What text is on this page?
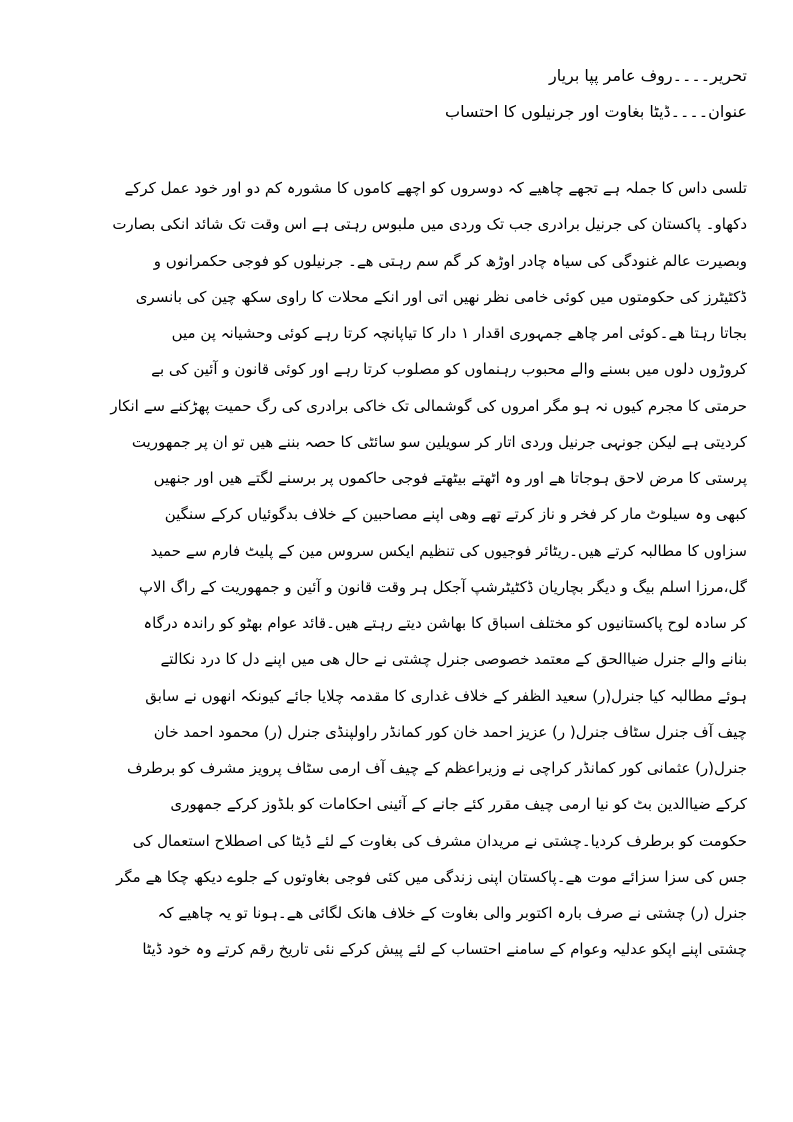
تحریر۔۔۔۔روف عامر پپا بریار
عنوان۔۔۔۔ڈیٹا بغاوت اور جرنیلوں کا احتساب
تلسی داس کا جملہ ہے تجھے چاھیے کہ دوسروں کو اچھے کاموں کا مشورہ کم دو اور خود عمل کرکے
دکھاو۔ پاکستان کی جرنیل برادری جب تک وردی میں ملبوس رہتی ہے اس وقت تک شائد انکی بصارت
وبصیرت عالم غنودگی کی سیاہ چادر اوڑھ کر گم سم رہتی ھے۔ جرنیلوں کو فوجی حکمرانوں و
ڈکٹیٹرز کی حکومتوں میں کوئی خامی نظر نھیں اتی اور انکے محلات کا راوی سکھ چین کی بانسری
بجاتا رہتا ھے۔کوئی امر چاھے جمہوری اقدار ١ دار کا تیاپانچہ کرتا رہے کوئی وحشیانہ پن میں
کروڑوں دلوں میں بسنے والے محبوب رہنماوں کو مصلوب کرتا رہے اور کوئی قانون و آئین کی بے
حرمتی کا مجرم کیوں نہ ہو مگر امروں کی گوشمالی تک خاکی برادری کی رگ حمیت پھڑکنے سے انکار
کردیتی ہے لیکن جونہی جرنیل وردی اتار کر سویلین سو سائٹی کا حصہ بننے ھیں تو ان پر جمھوریت
پرستی کا مرض لاحق ہوجاتا ھے اور وہ اٹھتے بیٹھتے فوجی حاکموں پر برسنے لگتے ھیں اور جنھیں
کبھی وہ سیلوٹ مار کر فخر و ناز کرتے تھے وھی اپنے مصاحبین کے خلاف بدگوئیاں کرکے سنگین
سزاوں کا مطالبہ کرتے ھیں۔ریٹائر فوجیوں کی تنظیم ایکس سروس مین کے پلیٹ فارم سے حمید
گل،مرزا اسلم بیگ و دیگر بچاریان ڈکٹیٹرشپ آجکل ہر وقت قانون و آئین و جمھوریت کے راگ الاپ
کر سادہ لوح پاکستانیوں کو مختلف اسباق کا بھاشن دیتے رہتے ھیں۔قائد عوام بھٹو کو راندہ درگاہ
بنانے والے جنرل ضیاالحق کے معتمد خصوصی جنرل چشتی نے حال ھی میں اپنے دل کا درد نکالتے
ہوئے مطالبہ کیا جنرل(ر) سعید الظفر کے خلاف غداری کا مقدمہ چلایا جائے کیونکہ انھوں نے سابق
چیف آف جنرل سٹاف جنرل( ر) عزیز احمد خان کور کمانڈر راولپنڈی جنرل (ر) محمود احمد خان
جنرل(ر) عثمانی کور کمانڈر کراچی نے وزیراعظم کے چیف آف ارمی سٹاف پرویز مشرف کو برطرف
کرکے ضیاالدین بٹ کو نیا ارمی چیف مقرر کئے جانے کے آئینی احکامات کو بلڈوز کرکے جمھوری
حکومت کو برطرف کردیا۔چشتی نے مریدان مشرف کی بغاوت کے لئے ڈیٹا کی اصطلاح استعمال کی
جس کی سزا سزائے موت ھے۔پاکستان اپنی زندگی میں کئی فوجی بغاوتوں کے جلوے دیکھ چکا ھے مگر
جنرل (ر) چشتی نے صرف بارہ اکتوبر والی بغاوت کے خلاف ھانک لگائی ھے۔ہونا تو یہ چاھیے کہ
چشتی اپنے اپکو عدلیہ وعوام کے سامنے احتساب کے لئے پیش کرکے نئی تاریخ رقم کرتے وہ خود ڈیٹا
